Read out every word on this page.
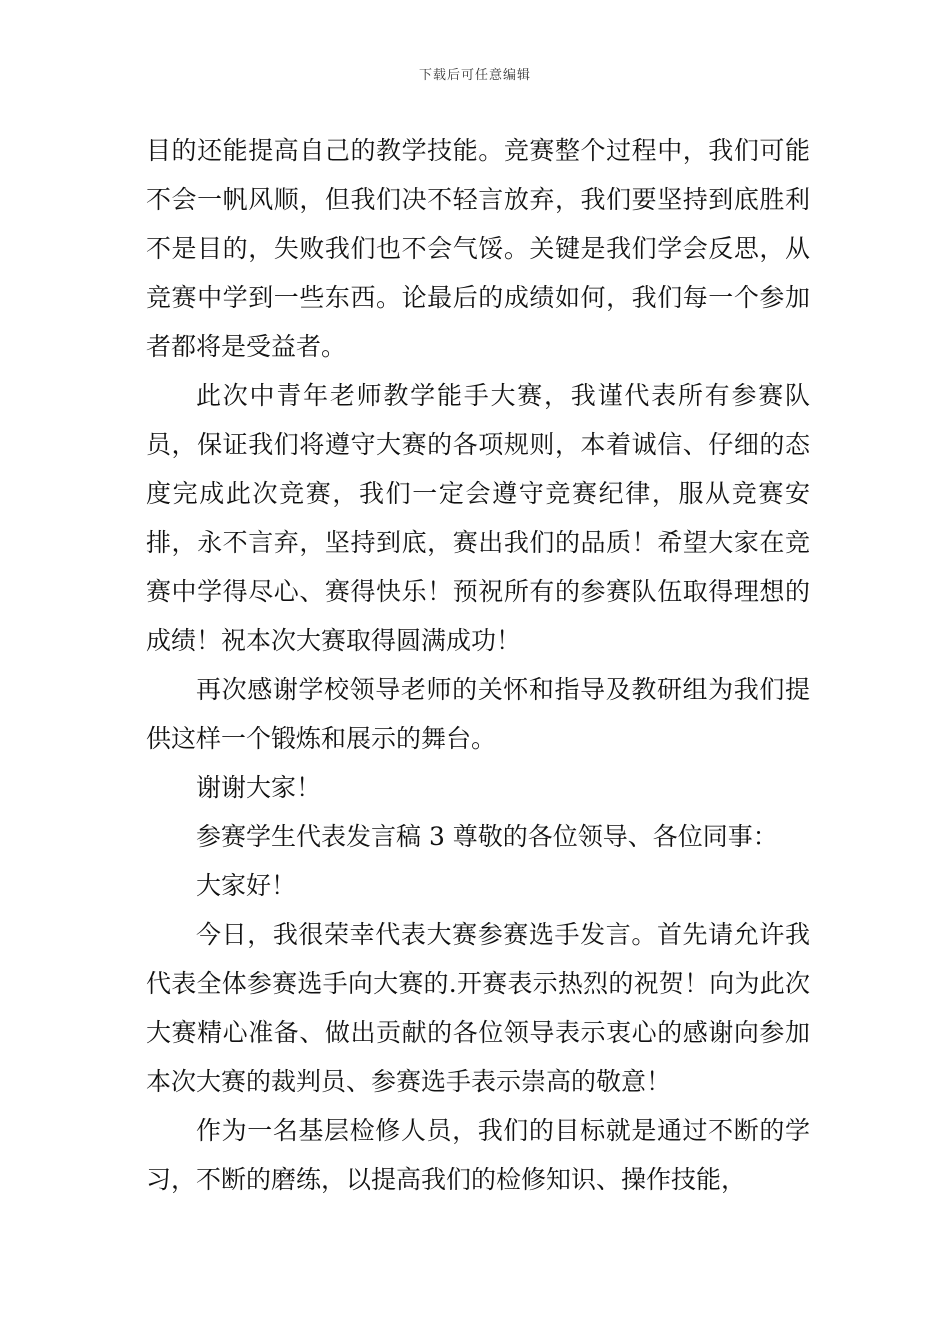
下载后可任意编辑

目的还能提高自己的教学技能。竞赛整个过程中，我们可能不会一帆风顺，但我们决不轻言放弃，我们要坚持到底胜利不是目的，失败我们也不会气馁。关键是我们学会反思，从竞赛中学到一些东西。论最后的成绩如何，我们每一个参加者都将是受益者。

此次中青年老师教学能手大赛，我谨代表所有参赛队员，保证我们将遵守大赛的各项规则，本着诚信、仔细的态度完成此次竞赛，我们一定会遵守竞赛纪律，服从竞赛安排，永不言弃，坚持到底，赛出我们的品质！希望大家在竞赛中学得尽心、赛得快乐！预祝所有的参赛队伍取得理想的成绩！祝本次大赛取得圆满成功！

再次感谢学校领导老师的关怀和指导及教研组为我们提供这样一个锻炼和展示的舞台。

谢谢大家！

参赛学生代表发言稿 3 尊敬的各位领导、各位同事：

大家好！

今日，我很荣幸代表大赛参赛选手发言。首先请允许我代表全体参赛选手向大赛的.开赛表示热烈的祝贺！向为此次大赛精心准备、做出贡献的各位领导表示衷心的感谢向参加本次大赛的裁判员、参赛选手表示崇高的敬意！

作为一名基层检修人员，我们的目标就是通过不断的学习，不断的磨练，以提高我们的检修知识、操作技能，
